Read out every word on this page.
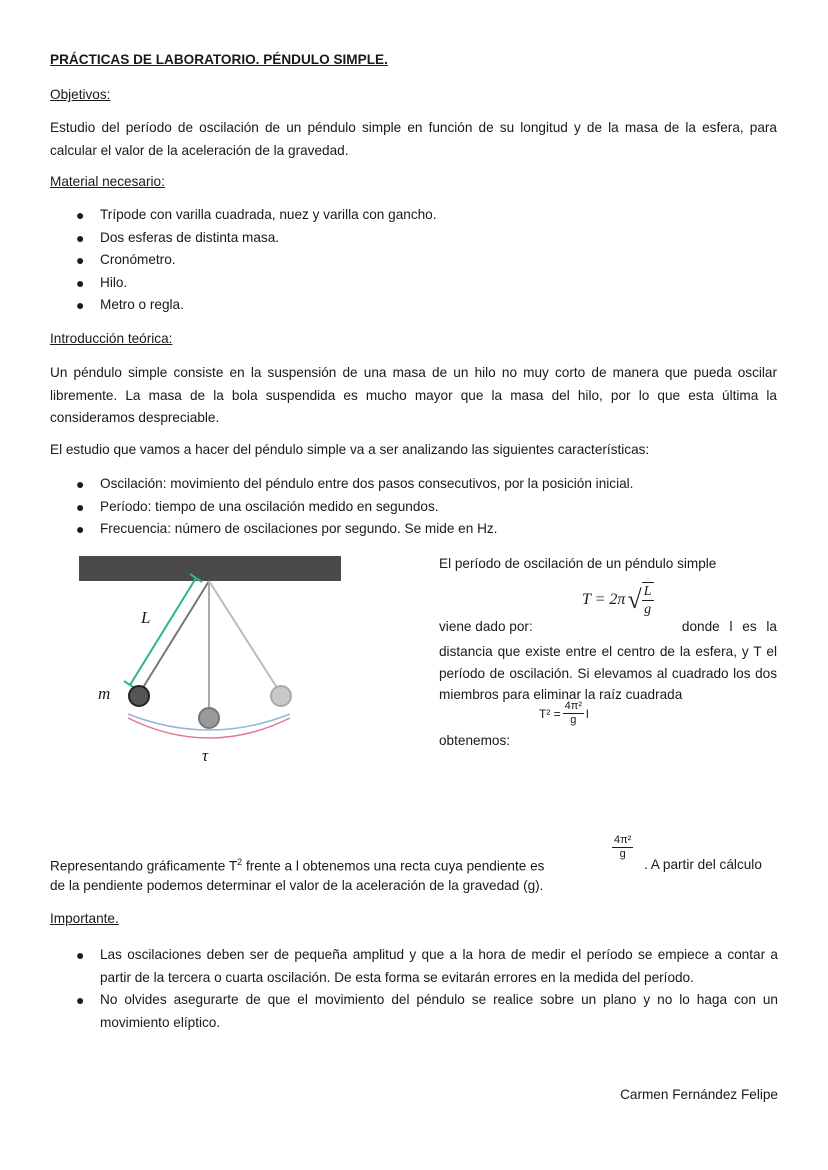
PRÁCTICAS DE LABORATORIO. PÉNDULO SIMPLE.
Objetivos:
Estudio del período de oscilación de un péndulo simple en función de su longitud y de la masa de la esfera, para calcular el valor de la aceleración de la gravedad.
Material necesario:
● Trípode con varilla cuadrada, nuez y varilla con gancho.
● Dos esferas de distinta masa.
● Cronómetro.
● Hilo.
● Metro o regla.
Introducción teórica:
Un péndulo simple consiste en la suspensión de una masa de un hilo no muy corto de manera que pueda oscilar libremente. La masa de la bola suspendida es mucho mayor que la masa del hilo, por lo que esta última la consideramos despreciable.
El estudio que vamos a hacer del péndulo simple va a ser analizando las siguientes características:
● Oscilación: movimiento del péndulo entre dos pasos consecutivos, por la posición inicial.
● Período: tiempo de una oscilación medido en segundos.
● Frecuencia: número de oscilaciones por segundo. Se mide en Hz.
L
m
τ
El período de oscilación de un péndulo simple
T = 2π √ $\frac{L}{g}$
viene dado por:	donde l es la
distancia que existe entre el centro de la esfera, y T el período de oscilación. Si elevamos al cuadrado los dos miembros para eliminar la raíz cuadrada
$T^2 = \frac{\text{4π²}}{g}$ l
obtenemos:
Representando gráficamente $T^2$ frente a l obtenemos una recta cuya pendiente es
$\frac{\text{4π²}}{g}$
. A partir del cálculo
de la pendiente podemos determinar el valor de la aceleración de la gravedad (g).
Importante.
● Las oscilaciones deben ser de pequeña amplitud y que a la hora de medir el período se empiece a contar a partir de la tercera o cuarta oscilación. De esta forma se evitarán errores en la medida del período.
● No olvides asegurarte de que el movimiento del péndulo se realice sobre un plano y no lo haga con un movimiento elíptico.
Carmen Fernández Felipe
